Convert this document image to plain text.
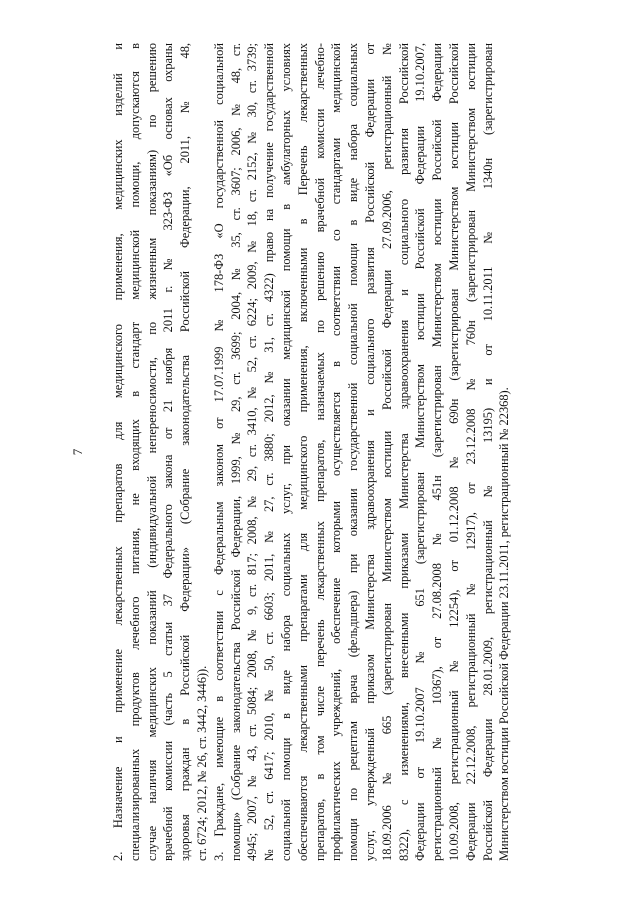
7 2. Назначение и применение лекарственных препаратов для медицинского применения, медицинских изделий и специализированных продуктов лечебного питания, не входящих в стандарт медицинской помощи, допускаются в случае наличия медицинских показаний (индивидуальной непереносимости, по жизненным показаниям) по решению врачебной комиссии (часть 5 статьи 37 Федерального закона от 21 ноября 2011 г. № 323-ФЗ «Об основах охраны здоровья граждан в Российской Федерации» (Собрание законодательства Российской Федерации, 2011, № 48, ст. 6724; 2012, № 26, ст. 3442, 3446)). 3. Граждане, имеющие в соответствии с Федеральным законом от 17.07.1999 № 178-ФЗ «О государственной социальной помощи» (Собрание законодательства Российской Федерации, 1999, № 29, ст. 3699; 2004, № 35, ст. 3607; 2006, № 48, ст. 4945; 2007, № 43, ст. 5084; 2008, № 9, ст. 817; 2008, № 29, ст. 3410, № 52, ст. 6224; 2009, № 18, ст. 2152, № 30, ст. 3739; № 52, ст. 6417; 2010, № 50, ст. 6603; 2011, № 27, ст. 3880; 2012, № 31, ст. 4322) право на получение государственной социальной помощи в виде набора социальных услуг, при оказании медицинской помощи в амбулаторных условиях обеспечиваются лекарственными препаратами для медицинского применения, включенными в Перечень лекарственных препаратов, в том числе перечень лекарственных препаратов, назначаемых по решению врачебной комиссии лечебно- профилактических учреждений, обеспечение которыми осуществляется в соответствии со стандартами медицинской помощи по рецептам врача (фельдшера) при оказании государственной социальной помощи в виде набора социальных услуг, утвержденный приказом Министерства здравоохранения и социального развития Российской Федерации от 18.09.2006 № 665 (зарегистрирован Министерством юстиции Российской Федерации 27.09.2006, регистрационный № 8322), с изменениями, внесенными приказами Министерства здравоохранения и социального развития Российской Федерации от 19.10.2007 № 651 (зарегистрирован Министерством юстиции Российской Федерации 19.10.2007, регистрационный № 10367), от 27.08.2008 № 451н (зарегистрирован Министерством юстиции Российской Федерации 10.09.2008, регистрационный № 12254), от 01.12.2008 № 690н (зарегистрирован Министерством юстиции Российской Федерации 22.12.2008, регистрационный № 12917), от 23.12.2008 № 760н (зарегистрирован Министерством юстиции Российской Федерации 28.01.2009, регистрационный № 13195) и от 10.11.2011 № 1340н (зарегистрирован Министерством юстиции Российской Федерации 23.11.2011, регистрационный № 22368).
